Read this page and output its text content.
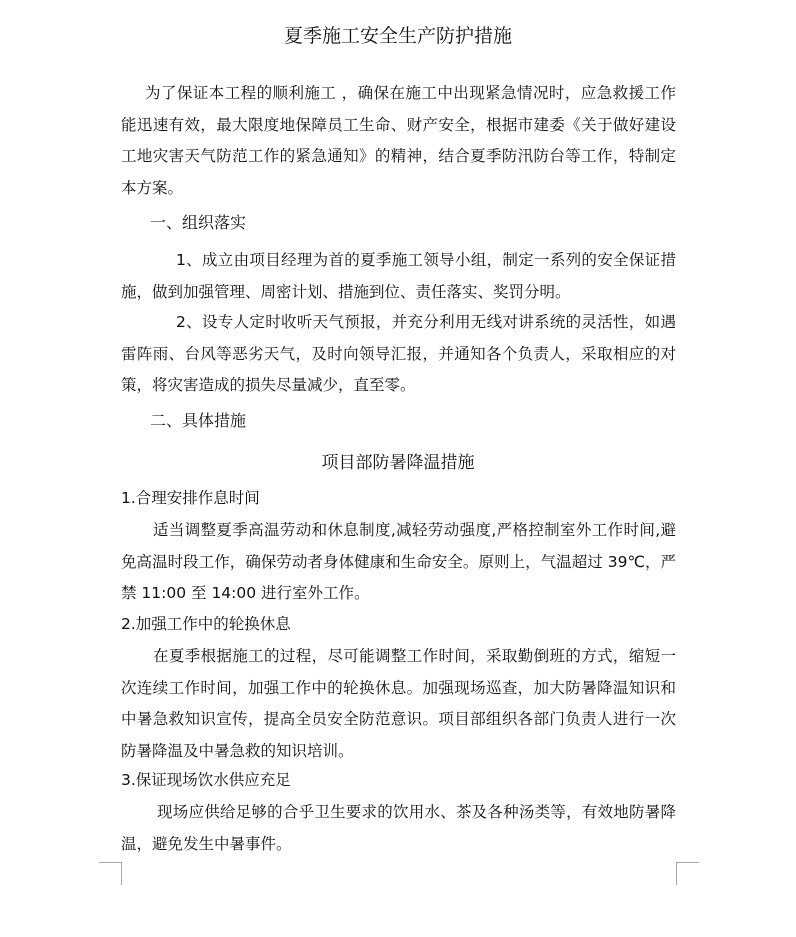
夏季施工安全生产防护措施
为了保证本工程的顺利施工 ，确保在施工中出现紧急情况时，应急救援工作能迅速有效，最大限度地保障员工生命、财产安全，根据市建委《关于做好建设工地灾害天气防范工作的紧急通知》的精神，结合夏季防汛防台等工作，特制定本方案。
一、组织落实
1、成立由项目经理为首的夏季施工领导小组，制定一系列的安全保证措施，做到加强管理、周密计划、措施到位、责任落实、奖罚分明。
2、设专人定时收听天气预报，并充分利用无线对讲系统的灵活性，如遇雷阵雨、台风等恶劣天气，及时向领导汇报，并通知各个负责人，采取相应的对策，将灾害造成的损失尽量减少，直至零。
二、具体措施
项目部防暑降温措施
1.合理安排作息时间
适当调整夏季高温劳动和休息制度,减轻劳动强度,严格控制室外工作时间,避免高温时段工作，确保劳动者身体健康和生命安全。原则上，气温超过 39℃，严禁 11:00 至 14:00 进行室外工作。
2.加强工作中的轮换休息
在夏季根据施工的过程，尽可能调整工作时间，采取勤倒班的方式，缩短一次连续工作时间，加强工作中的轮换休息。加强现场巡查，加大防暑降温知识和中暑急救知识宣传，提高全员安全防范意识。项目部组织各部门负责人进行一次防暑降温及中暑急救的知识培训。
3.保证现场饮水供应充足
现场应供给足够的合乎卫生要求的饮用水、茶及各种汤类等，有效地防暑降温，避免发生中暑事件。
